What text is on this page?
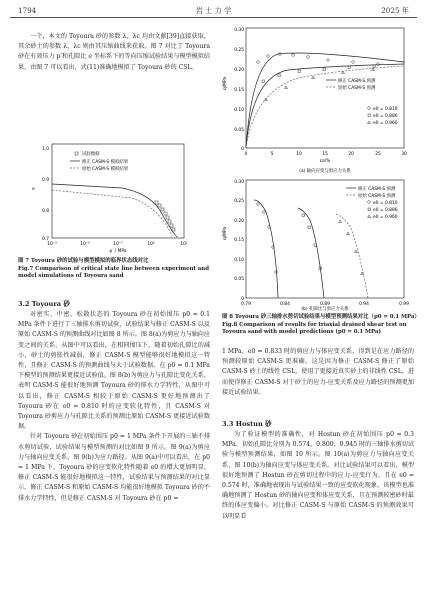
1794	岩 土 力 学	2025 年

一个，本文的 Toyoura 砂的参数 λ、λc 均由文献[39]直接获取，其余砂土的参数 λ、λc 则由其压缩曲线来获取。图 7 对比了 Toyoura 砂在有效压力 p′和孔隙比 e 坐标系下的等向压缩试验结果与模型模拟结果，由图 7 可以看出，式(11)准确地模拟了 Toyoura 砂的 CSL。

e
1.0
0.9
0.8
0.7
10⁻³	10⁻²	10⁻¹	10⁰	10¹
p′ / MPa
试验数据
修正 CASM-S 模拟结果
原始 CASM-S 模拟结果
图 7 Toyoura 砂的试验与模型模拟的临界状态线对比
Fig.7 Comparison of critical state line between experiment and model simulations of Toyoura sand
3.2 Toyoura 砂

对密实、中密、松散状态的 Toyoura 砂在初始围压 p0 = 0.1 MPa 条件下进行了三轴排水剪切试验，试验结果与修正 CASM-S 以及原始 CASM-S 的预测曲线对比如图 8 所示。图 8(a)为剪应力与轴向应变之间的关系，从图中可以看出，在相同围压下，随着初始孔隙比的减小，砂土的剪胀性减弱，修正 CASM-S 模型能够很好地模拟这一特性，且修正 CASM-S 的预测曲线与大于试验数据。在 p0 = 0.1 MPa 下模型的预测结果更接近试验值。图 8(b)为剪应力与孔隙比变化关系，表明 CASM-S 能很好地预测 Toyoura 砂的排水力学特性，从图中可以看出，修正 CASM-S 相较于原始 CASM-S 更好地预测出了 Toyoura 砂在 e0 = 0.810 时的应变软化特性，且 CASM-S 对 Toyoura 砂剪应力与孔隙比关系的预测比原始 CASM-S 更接近试验数据。

针对 Toyoura 砂在初始围压 p0 = 1 MPa 条件下开展的三轴不排水剪切试验，试验结果与模型预测的对比如图 9 所示。图 9(a)为剪应力与轴向应变关系，图 9(b)为应力路径。从图 9(a)中可以看出，在 p0 = 1 MPa 下，Toyoura 砂的应变软化特性随着 e0 的增大更加明显，修正 CASM-S 能很好地模拟这一特性，试验结果与预测结果的对比显示，修正 CASM-S 和原始 CASM-S 均能很好地模拟 Toyoura 砂的不排水力学特性，但是修正 CASM-S 对 Toyoura 砂在 p0 =

q/MPa
0.30
0.25
0.20
0.15
0.10
0.05
0
0	5	10	15	20	25	30
εa/%
修正 CASM-S 预测
原始 CASM-S 预测
e0 = 0.810
e0 = 0.886
e0 = 0.960
(a) 轴向应变与剪应力关系
q/MPa
0.30
0.25
0.20
0.15
0.10
0.05
0
0.79	0.84	0.89	0.94	0.99
修正 CASM-S 预测
原始 CASM-S 预测
e0 = 0.810
e0 = 0.886
e0 = 0.960
(b) 孔隙比与剪应力关系
图 8 Toyoura 砂三轴排水剪切试验结果与模型预测结果对比（p0 = 0.1 MPa）
Fig.8 Comparison of results for triaxial drained shear test on Toyoura sand with model predictions (p0 = 0.1 MPa)

1 MPa、e0 = 0.833 时的剪应力与体应变关系，得到是在应力路径的预测较原始 CASM-S 更准确，这是因为修正 CASM-S 修正了原始 CASM-S 砂土的线性 CSL，使用了更接近真实砂土的非线性 CSL，进而使得修正 CASM-S 对于砂土的应力-应变关系及应力路径的预测更加接近试验结果。

3.3 Hostun 砂

为了验证模型的准确性，对 Hostun 砂在初始围压 p0 = 0.3 MPa、初始孔隙比分别为 0.574、0.800、0.945 时的三轴排水剪切试验与模型预测结果，如图 10 所示。图 10(a)为剪应力与轴向应变关系，图 10(b)为轴向应变与体应变关系。对比试验结果可以看出，模型很好地预测了 Hostun 砂在剪切过程中的应力-应变行为，且在 e0 = 0.574 时，准确地表现出与试验结果一致的应变软化现象。该模型也准确地预测了 Hostun 砂的轴向应变和体应变关系，且在预测较密砂时最终的体应变偏小。对比修正 CASM-S 与原始 CASM-S 的预测效果可以明显看
